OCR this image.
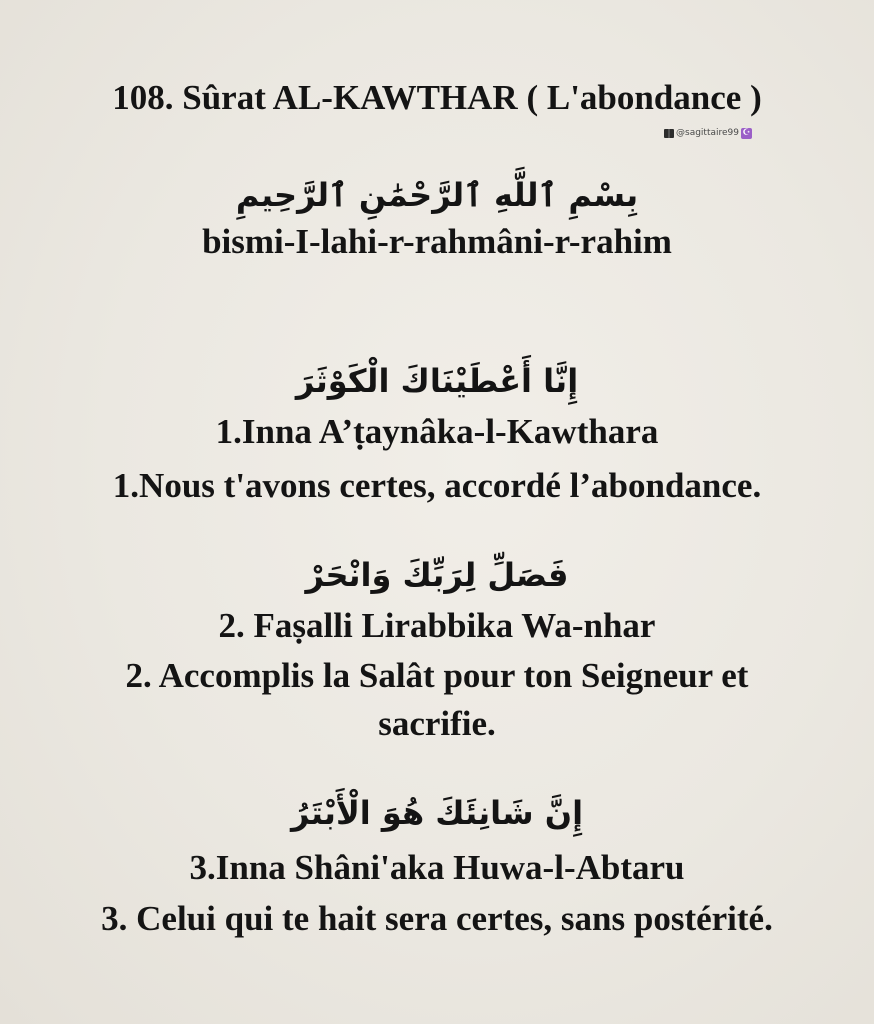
108. Sûrat AL-KAWTHAR ( L'abondance )
@sagittaire99 ☪
بِسْمِ ٱللَّهِ ٱلرَّحْمَٰنِ ٱلرَّحِيمِ
bismi-I-lahi-r-rahmâni-r-rahim
إِنَّا أَعْطَيْنَاكَ الْكَوْثَرَ
1.Inna A’ṭaynâka-l-Kawthara
1.Nous t'avons certes, accordé l’abondance.
فَصَلِّ لِرَبِّكَ وَانْحَرْ
2. Faṣalli Lirabbika Wa-nhar
2. Accomplis la Salât pour ton Seigneur et
sacrifie.
إِنَّ شَانِئَكَ هُوَ الْأَبْتَرُ
3.Inna Shâni'aka Huwa-l-Abtaru
3. Celui qui te hait sera certes, sans postérité.
